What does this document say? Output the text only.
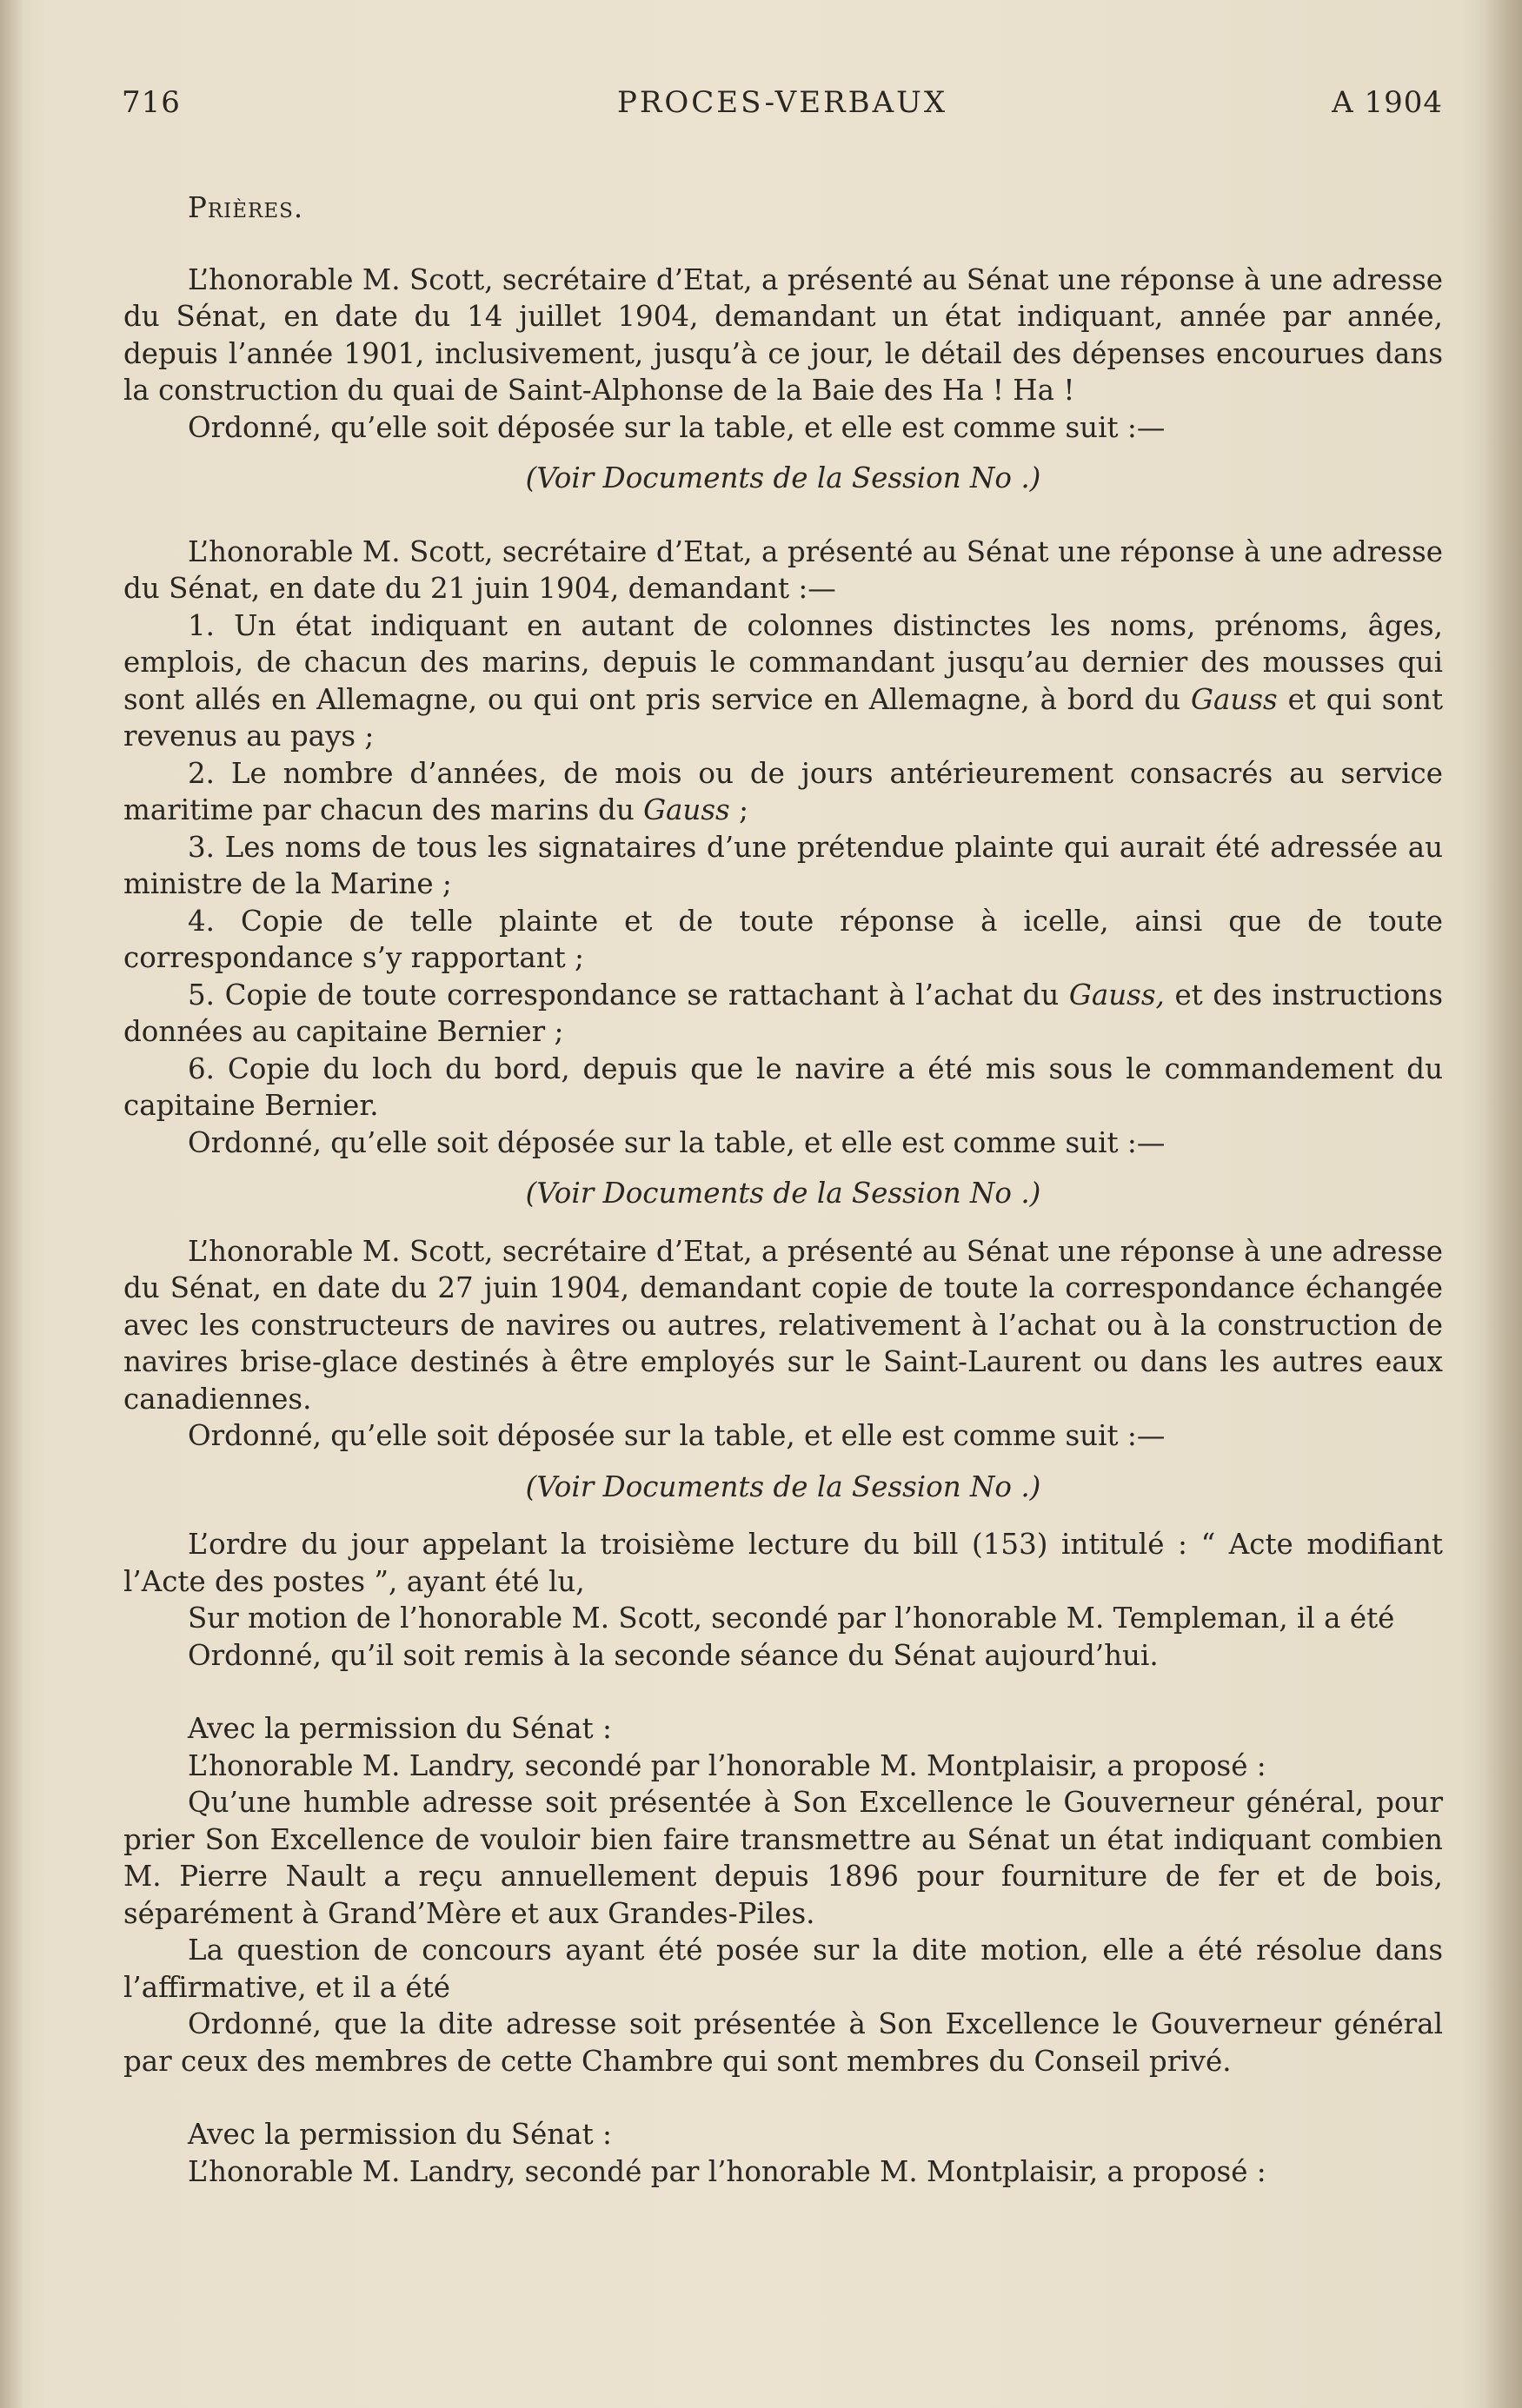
716	PROCES-VERBAUX	A 1904
Prières.

L’honorable M. Scott, secrétaire d’Etat, a présenté au Sénat une réponse à une adresse du Sénat, en date du 14 juillet 1904, demandant un état indiquant, année par année, depuis l’année 1901, inclusivement, jusqu’à ce jour, le détail des dépenses encourues dans la construction du quai de Saint-Alphonse de la Baie des Ha ! Ha !

Ordonné, qu’elle soit déposée sur la table, et elle est comme suit :—

(Voir Documents de la Session No .)

L’honorable M. Scott, secrétaire d’Etat, a présenté au Sénat une réponse à une adresse du Sénat, en date du 21 juin 1904, demandant :—

1. Un état indiquant en autant de colonnes distinctes les noms, prénoms, âges, emplois, de chacun des marins, depuis le commandant jusqu’au dernier des mousses qui sont allés en Allemagne, ou qui ont pris service en Allemagne, à bord du Gauss et qui sont revenus au pays ;

2. Le nombre d’années, de mois ou de jours antérieurement consacrés au service maritime par chacun des marins du Gauss ;

3. Les noms de tous les signataires d’une prétendue plainte qui aurait été adressée au ministre de la Marine ;

4. Copie de telle plainte et de toute réponse à icelle, ainsi que de toute correspondance s’y rapportant ;

5. Copie de toute correspondance se rattachant à l’achat du Gauss, et des instructions données au capitaine Bernier ;

6. Copie du loch du bord, depuis que le navire a été mis sous le commandement du capitaine Bernier.

Ordonné, qu’elle soit déposée sur la table, et elle est comme suit :—

(Voir Documents de la Session No .)

L’honorable M. Scott, secrétaire d’Etat, a présenté au Sénat une réponse à une adresse du Sénat, en date du 27 juin 1904, demandant copie de toute la correspondance échangée avec les constructeurs de navires ou autres, relativement à l’achat ou à la construction de navires brise-glace destinés à être employés sur le Saint-Laurent ou dans les autres eaux canadiennes.

Ordonné, qu’elle soit déposée sur la table, et elle est comme suit :—

(Voir Documents de la Session No .)

L’ordre du jour appelant la troisième lecture du bill (153) intitulé : “ Acte modifiant l’Acte des postes ”, ayant été lu,

Sur motion de l’honorable M. Scott, secondé par l’honorable M. Templeman, il a été

Ordonné, qu’il soit remis à la seconde séance du Sénat aujourd’hui.

Avec la permission du Sénat :

L’honorable M. Landry, secondé par l’honorable M. Montplaisir, a proposé :

Qu’une humble adresse soit présentée à Son Excellence le Gouverneur général, pour prier Son Excellence de vouloir bien faire transmettre au Sénat un état indiquant combien M. Pierre Nault a reçu annuellement depuis 1896 pour fourniture de fer et de bois, séparément à Grand’Mère et aux Grandes-Piles.

La question de concours ayant été posée sur la dite motion, elle a été résolue dans l’affirmative, et il a été

Ordonné, que la dite adresse soit présentée à Son Excellence le Gouverneur général par ceux des membres de cette Chambre qui sont membres du Conseil privé.

Avec la permission du Sénat :

L’honorable M. Landry, secondé par l’honorable M. Montplaisir, a proposé :
